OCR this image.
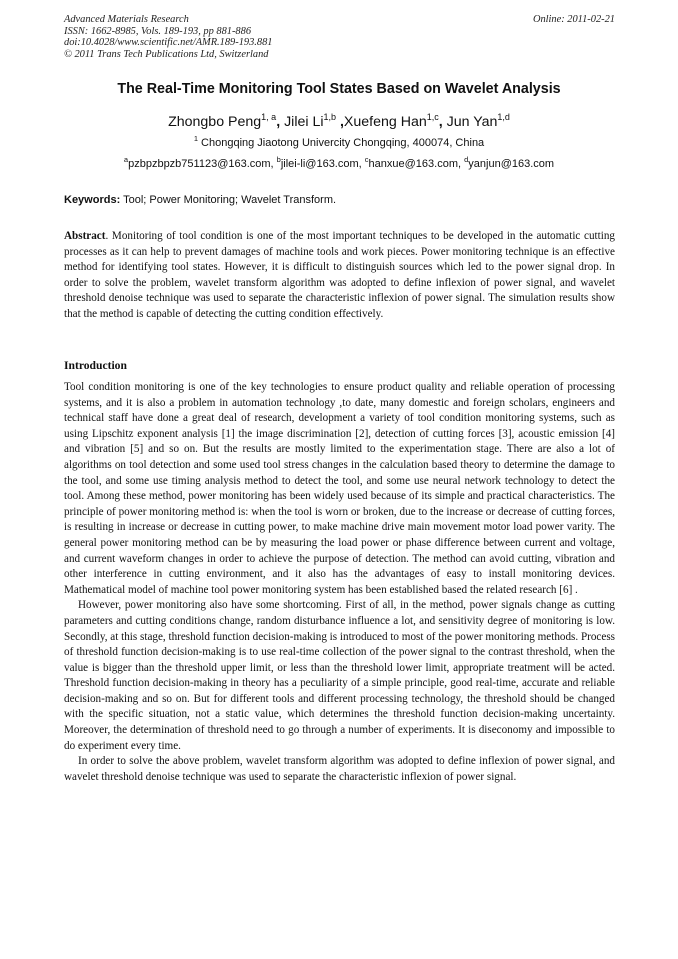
Advanced Materials Research
ISSN: 1662-8985, Vols. 189-193, pp 881-886
doi:10.4028/www.scientific.net/AMR.189-193.881
© 2011 Trans Tech Publications Ltd, Switzerland
Online: 2011-02-21
The Real-Time Monitoring Tool States Based on Wavelet Analysis
Zhongbo Peng$^{1, a}$, Jilei Li$^{1,b}$ ,Xuefeng Han$^{1,c}$, Jun Yan$^{1,d}$
$^1$ Chongqing Jiaotong Univercity Chongqing, 400074, China
$^a$pzbpzbpzb751123@163.com, $^b$jilei-li@163.com, $^c$hanxue@163.com, $^d$yanjun@163.com
Keywords: Tool; Power Monitoring; Wavelet Transform.
Abstract. Monitoring of tool condition is one of the most important techniques to be developed in the automatic cutting processes as it can help to prevent damages of machine tools and work pieces. Power monitoring technique is an effective method for identifying tool states. However, it is difficult to distinguish sources which led to the power signal drop. In order to solve the problem, wavelet transform algorithm was adopted to define inflexion of power signal, and wavelet threshold denoise technique was used to separate the characteristic inflexion of power signal. The simulation results show that the method is capable of detecting the cutting condition effectively.
Introduction

Tool condition monitoring is one of the key technologies to ensure product quality and reliable operation of processing systems, and it is also a problem in automation technology ,to date, many domestic and foreign scholars, engineers and technical staff have done a great deal of research, development a variety of tool condition monitoring systems, such as using Lipschitz exponent analysis [1] the image discrimination [2], detection of cutting forces [3], acoustic emission [4] and vibration [5] and so on. But the results are mostly limited to the experimentation stage. There are also a lot of algorithms on tool detection and some used tool stress changes in the calculation based theory to determine the damage to the tool, and some use timing analysis method to detect the tool, and some use neural network technology to detect the tool. Among these method, power monitoring has been widely used because of its simple and practical characteristics. The principle of power monitoring method is: when the tool is worn or broken, due to the increase or decrease of cutting forces, is resulting in increase or decrease in cutting power, to make machine drive main movement motor load power varity. The general power monitoring method can be by measuring the load power or phase difference between current and voltage, and current waveform changes in order to achieve the purpose of detection. The method can avoid cutting, vibration and other interference in cutting environment, and it also has the advantages of easy to install monitoring devices. Mathematical model of machine tool power monitoring system has been established based the related research [6] .

However, power monitoring also have some shortcoming. First of all, in the method, power signals change as cutting parameters and cutting conditions change, random disturbance influence a lot, and sensitivity degree of monitoring is low. Secondly, at this stage, threshold function decision-making is introduced to most of the power monitoring methods. Process of threshold function decision-making is to use real-time collection of the power signal to the contrast threshold, when the value is bigger than the threshold upper limit, or less than the threshold lower limit, appropriate treatment will be acted. Threshold function decision-making in theory has a peculiarity of a simple principle, good real-time, accurate and reliable decision-making and so on. But for different tools and different processing technology, the threshold should be changed with the specific situation, not a static value, which determines the threshold function decision-making uncertainty. Moreover, the determination of threshold need to go through a number of experiments. It is diseconomy and impossible to do experiment every time.

In order to solve the above problem, wavelet transform algorithm was adopted to define inflexion of power signal, and wavelet threshold denoise technique was used to separate the characteristic inflexion of power signal.
